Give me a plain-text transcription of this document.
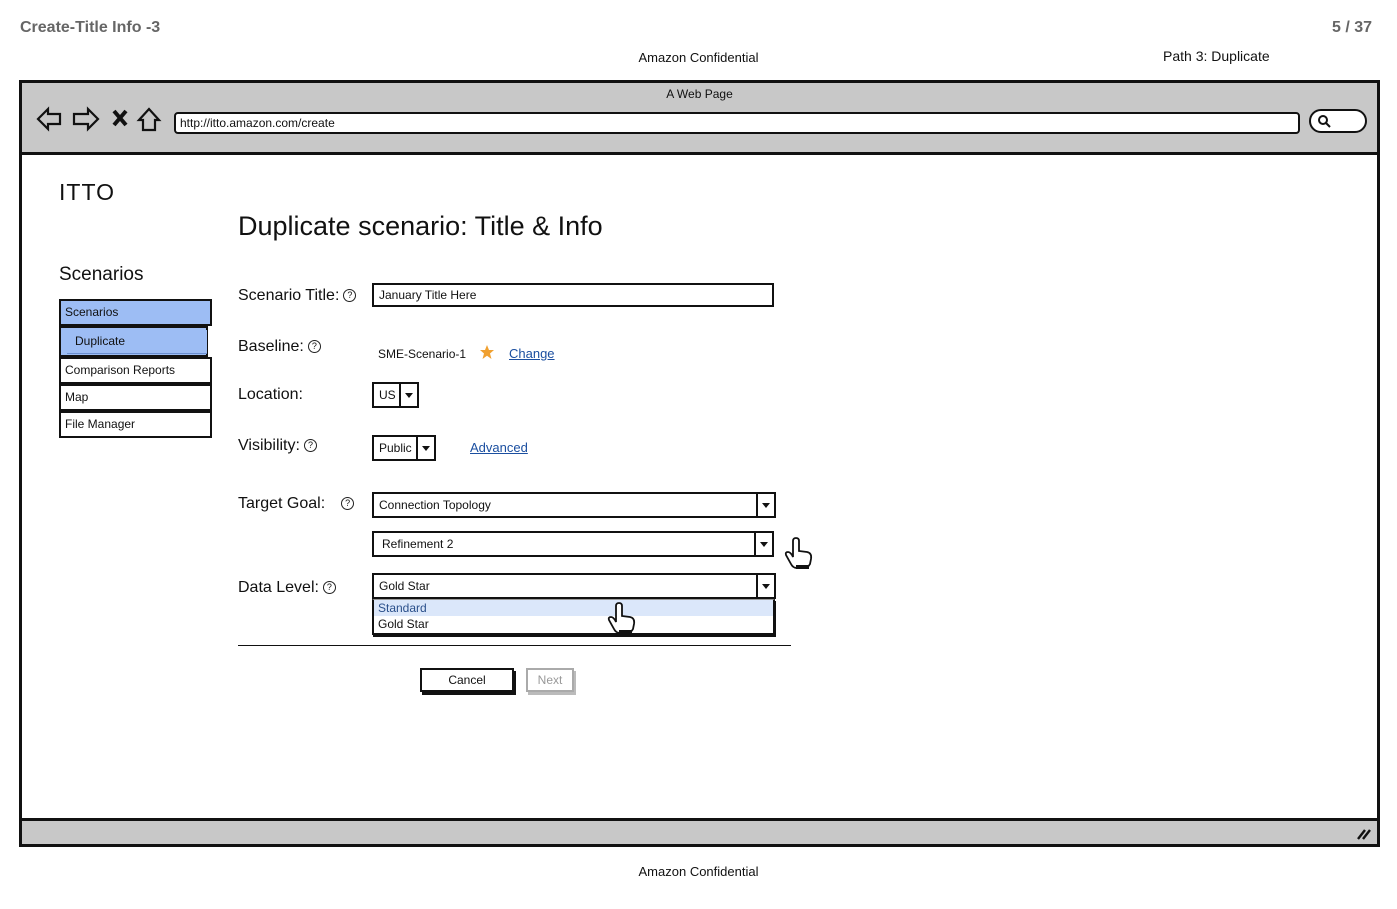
Create-Title Info -3	5 / 37
Amazon Confidential	Path 3: Duplicate
A Web Page
http://itto.amazon.com/create
ITTO
Scenarios
Scenarios
Duplicate
Comparison Reports
Map
File Manager
Duplicate scenario: Title & Info
Scenario Title: ?	January Title Here
Baseline: ?
SME-Scenario-1	Change
Location:	US
Visibility: ?	Public	Advanced
Target Goal: ?	Connection Topology
Refinement 2
Data Level: ?	Gold Star
Standard
Gold Star
Cancel	Next
Amazon Confidential
